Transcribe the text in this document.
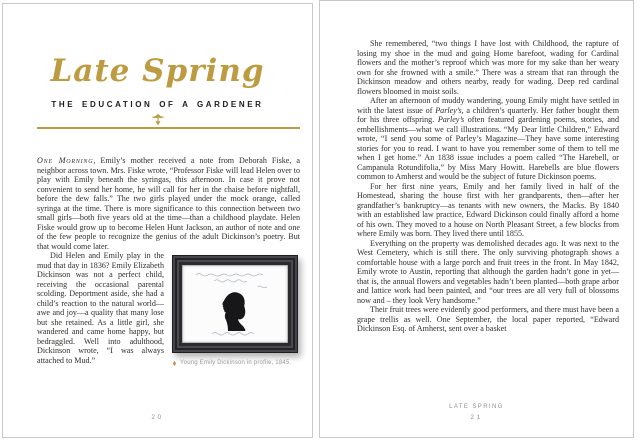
Late Spring
THE EDUCATION OF A GARDENER

One Morning, Emily’s mother received a note from Deborah Fiske, a neighbor across town. Mrs. Fiske wrote, “Professor Fiske will lead Helen over to play with Emily beneath the syringas, this afternoon. In case it prove not convenient to send her home, he will call for her in the chaise before nightfall, before the dew falls.” The two girls played under the mock orange, called syringa at the time. There is more significance to this connection between two small girls—both five years old at the time—than a childhood playdate. Helen Fiske would grow up to become Helen Hunt Jackson, an author of note and one of the few people to recognize the genius of the adult Dickinson’s poetry. But that would come later.

Young Emily Dickinson in profile, 1845.

Did Helen and Emily play in the mud that day in 1836? Emily Elizabeth Dickinson was not a perfect child, receiving the occasional parental scolding. Deportment aside, she had a child’s reaction to the natural world—awe and joy—a quality that many lose but she retained. As a little girl, she wandered and came home happy, but bedraggled. Well into adulthood, Dickinson wrote, “I was always attached to Mud.”

20

She remembered, “two things I have lost with Childhood, the rapture of losing my shoe in the mud and going Home barefoot, wading for Cardinal flowers and the mother’s reproof which was more for my sake than her weary own for she frowned with a smile.” There was a stream that ran through the Dickinson meadow and others nearby, ready for wading. Deep red cardinal flowers bloomed in moist soils.

After an afternoon of muddy wandering, young Emily might have settled in with the latest issue of Parley’s, a children’s quarterly. Her father bought them for his three offspring. Parley’s often featured gardening poems, stories, and embellishments—what we call illustrations. “My Dear little Children,” Edward wrote, “I send you some of Parley’s Magazine—They have some interesting stories for you to read. I want to have you remember some of them to tell me when I get home.” An 1838 issue includes a poem called “The Harebell, or Campanula Rotundifolia,” by Miss Mary Howitt. Harebells are blue flowers common to Amherst and would be the subject of future Dickinson poems.

For her first nine years, Emily and her family lived in half of the Homestead, sharing the house first with her grandparents, then—after her grandfather’s bankruptcy—as tenants with new owners, the Macks. By 1840 with an established law practice, Edward Dickinson could finally afford a home of his own. They moved to a house on North Pleasant Street, a few blocks from where Emily was born. They lived there until 1855.

Everything on the property was demolished decades ago. It was next to the West Cemetery, which is still there. The only surviving photograph shows a comfortable house with a large porch and fruit trees in the front. In May 1842, Emily wrote to Austin, reporting that although the garden hadn’t gone in yet—that is, the annual flowers and vegetables hadn’t been planted—both grape arbor and lattice work had been painted, and “our trees are all very full of blossoms now and – they look Very handsome.”

Their fruit trees were evidently good performers, and there must have been a grape trellis as well. One September, the local paper reported, “Edward Dickinson Esq. of Amherst, sent over a basket

LATE SPRING
21
